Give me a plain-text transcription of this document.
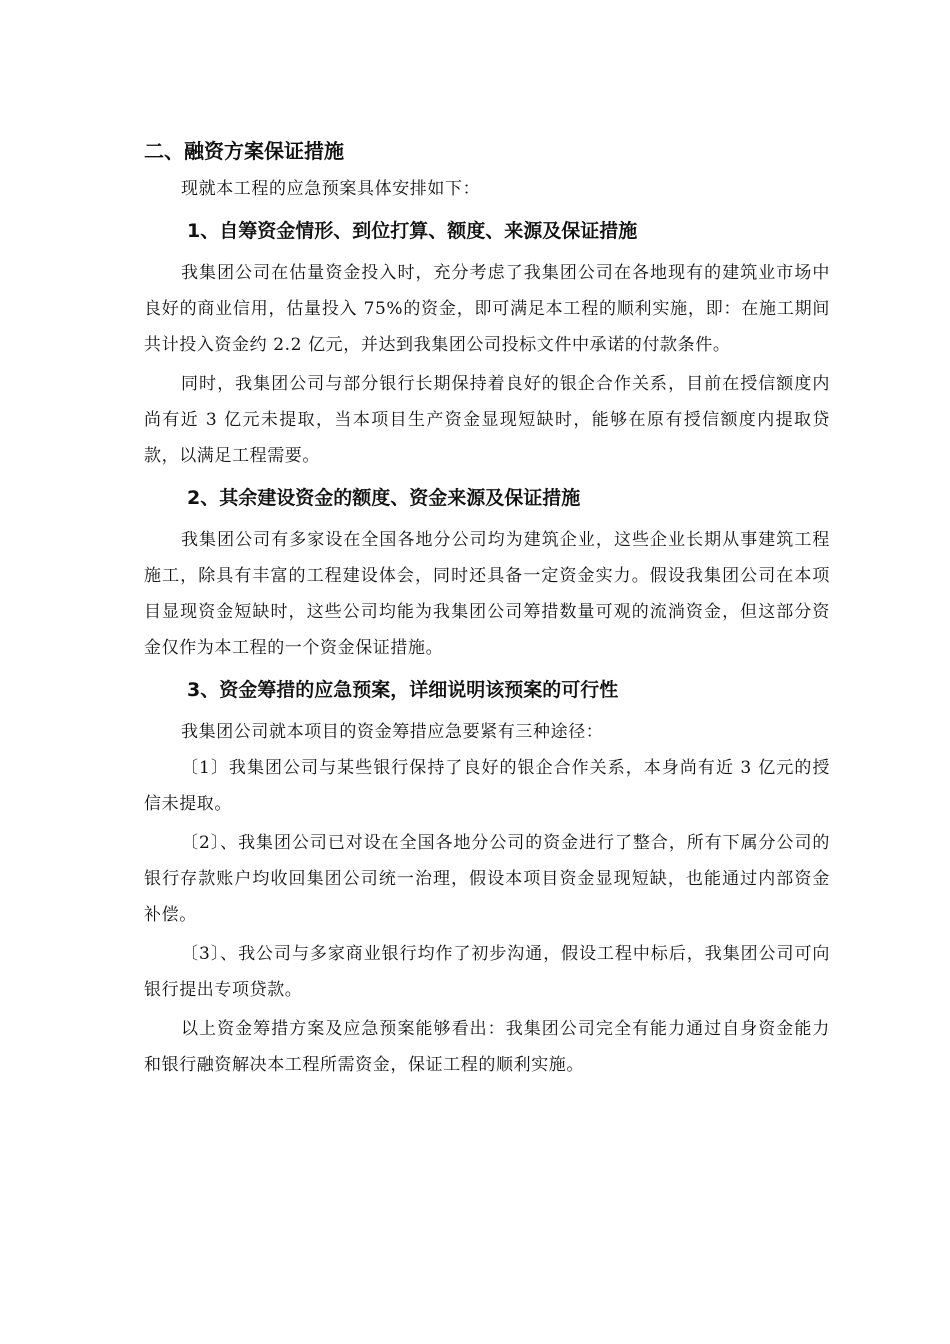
二、融资方案保证措施

现就本工程的应急预案具体安排如下：

1、自筹资金情形、到位打算、额度、来源及保证措施

我集团公司在估量资金投入时，充分考虑了我集团公司在各地现有的建筑业市场中良好的商业信用，估量投入 75%的资金，即可满足本工程的顺利实施，即：在施工期间共计投入资金约 2.2 亿元，并达到我集团公司投标文件中承诺的付款条件。

同时，我集团公司与部分银行长期保持着良好的银企合作关系，目前在授信额度内尚有近 3 亿元未提取，当本项目生产资金显现短缺时，能够在原有授信额度内提取贷款，以满足工程需要。

2、其余建设资金的额度、资金来源及保证措施

我集团公司有多家设在全国各地分公司均为建筑企业，这些企业长期从事建筑工程施工，除具有丰富的工程建设体会，同时还具备一定资金实力。假设我集团公司在本项目显现资金短缺时，这些公司均能为我集团公司筹措数量可观的流淌资金，但这部分资金仅作为本工程的一个资金保证措施。

3、资金筹措的应急预案，详细说明该预案的可行性

我集团公司就本项目的资金筹措应急要紧有三种途径：

〔1〕我集团公司与某些银行保持了良好的银企合作关系，本身尚有近 3 亿元的授信未提取。

〔2〕、我集团公司已对设在全国各地分公司的资金进行了整合，所有下属分公司的银行存款账户均收回集团公司统一治理，假设本项目资金显现短缺，也能通过内部资金补偿。

〔3〕、我公司与多家商业银行均作了初步沟通，假设工程中标后，我集团公司可向银行提出专项贷款。

以上资金筹措方案及应急预案能够看出：我集团公司完全有能力通过自身资金能力和银行融资解决本工程所需资金，保证工程的顺利实施。
